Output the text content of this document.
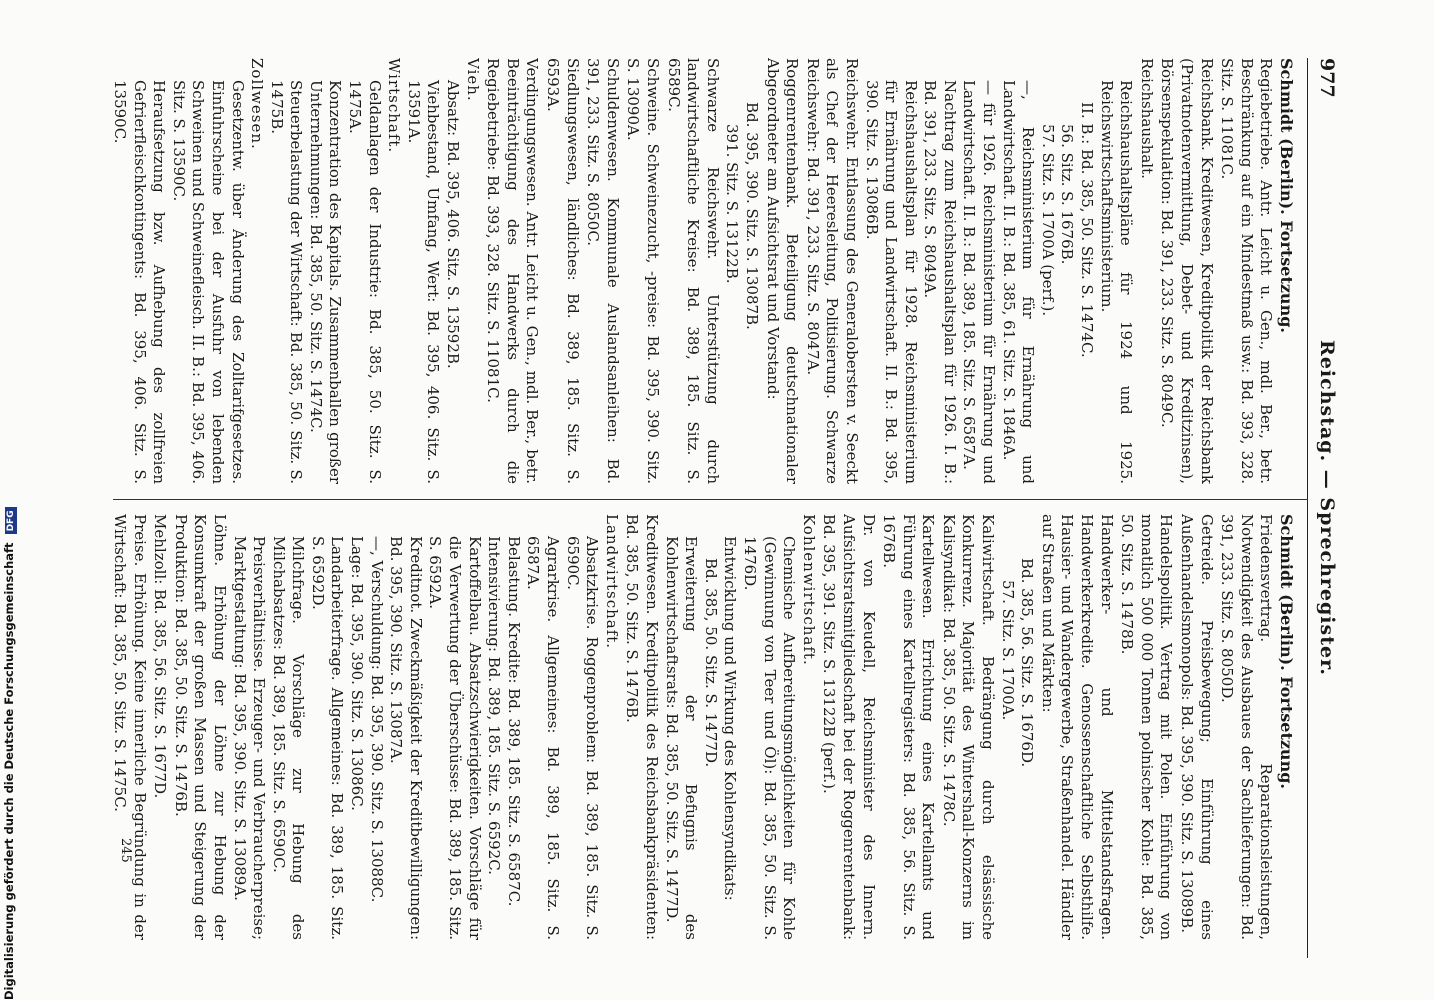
977
Reichstag. — Sprechregister.

Schmidt (Berlin). Fortsetzung.

Regiebetriebe. Antr. Leicht u. Gen., mdl. Ber., betr. Beschränkung auf ein Mindestmaß usw.: Bd. 393, 328. Sitz. S. 11081C.

Reichsbank. Kreditwesen, Kreditpolitik der Reichsbank (Privatnotenvermittlung, Debet- und Kreditzinsen), Börsenspekulation: Bd. 391, 233. Sitz. S. 8049C.

Reichshaushalt.

Reichshaushaltspläne für 1924 und 1925. Reichswirtschaftsministerium.

II. B.: Bd. 385, 50. Sitz. S. 1474C.

56. Sitz. S. 1676B.

57. Sitz. S. 1700A (perf.).

—, Reichsministerium für Ernährung und Landwirtschaft. II. B.: Bd. 385, 61. Sitz. S. 1846A.

— für 1926. Reichsministerium für Ernährung und Landwirtschaft. II. B.: Bd. 389, 185. Sitz. S. 6587A.

Nachtrag zum Reichshaushaltsplan für 1926. I. B.: Bd. 391, 233. Sitz. S. 8049A.

Reichshaushaltsplan für 1928. Reichsministerium für Ernährung und Landwirtschaft. II. B.: Bd. 395, 390. Sitz. S. 13086B.

Reichswehr. Entlassung des Generalobersten v. Seeckt als Chef der Heeresleitung, Politisierung. Schwarze Reichswehr: Bd. 391, 233. Sitz. S. 8047A.

Roggenrentenbank. Beteiligung deutschnationaler Abgeordneter am Aufsichtsrat und Vorstand:

Bd. 395, 390. Sitz. S. 13087B.

391. Sitz. S. 13122B.

Schwarze Reichswehr. Unterstützung durch landwirtschaftliche Kreise: Bd. 389, 185. Sitz. S. 6589C.

Schweine. Schweinezucht, -preise: Bd. 395, 390. Sitz. S. 13090A.

Schuldenwesen. Kommunale Auslandsanleihen: Bd. 391, 233. Sitz. S. 8050C.

Siedlungswesen, ländliches: Bd. 389, 185. Sitz. S. 6593A.

Verdingungswesen. Antr. Leicht u. Gen., mdl. Ber., betr. Beeinträchtigung des Handwerks durch die Regiebetriebe: Bd. 393, 328. Sitz. S. 11081C.

Vieh.

Absatz: Bd. 395, 406. Sitz. S. 13592B.

Viehbestand, Umfang, Wert: Bd. 395, 406. Sitz. S. 13591A.

Wirtschaft.

Geldanlagen der Industrie: Bd. 385, 50. Sitz. S. 1475A.

Konzentration des Kapitals. Zusammenballen großer Unternehmungen: Bd. 385, 50. Sitz. S. 1474C.

Steuerbelastung der Wirtschaft: Bd. 385, 50. Sitz. S. 1475B.

Zollwesen.

Gesetzentw. über Änderung des Zolltarifgesetzes. Einfuhrscheine bei der Ausfuhr von lebenden Schweinen und Schweinefleisch. II. B.: Bd. 395, 406. Sitz. S. 13590C.

Heraufsetzung bzw. Aufhebung des zollfreien Gefrierfleischkontingents: Bd. 395, 406. Sitz. S. 13590C.

Schmidt (Berlin). Fortsetzung.

Friedensvertrag. Reparationsleistungen, Notwendigkeit des Ausbaues der Sachlieferungen: Bd. 391, 233. Sitz. S. 8050D.

Getreide. Preisbewegung; Einführung eines Außenhandelsmonopols: Bd. 395, 390. Sitz. S. 13089B.

Handelspolitik. Vertrag mit Polen. Einführung von monatlich 500 000 Tonnen polnischer Kohle: Bd. 385, 50. Sitz. S. 1478B.

Handwerker- und Mittelstandsfragen. Handwerkerkredite. Genossenschaftliche Selbsthilfe. Hausier- und Wandergewerbe, Straßenhandel. Händler auf Straßen und Märkten:

Bd. 385, 56. Sitz. S. 1676D.

57. Sitz. S. 1700A.

Kaliwirtschaft. Bedrängung durch elsässische Konkurrenz. Majorität des Wintershall-Konzerns im Kalisyndikat: Bd. 385, 50. Sitz. S. 1478C.

Kartellwesen. Errichtung eines Kartellamts und Führung eines Kartellregisters: Bd. 385, 56. Sitz. S. 1676B.

Dr. von Keudell, Reichsminister des Innern. Aufsichtsratsmitgliedschaft bei der Roggenrentenbank: Bd. 395, 391. Sitz. S. 13122B (perf.).

Kohlenwirtschaft.

Chemische Aufbereitungsmöglichkeiten für Kohle (Gewinnung von Teer und Öl): Bd. 385, 50. Sitz. S. 1476D.

Entwicklung und Wirkung des Kohlensyndikats:

Bd. 385, 50. Sitz. S. 1477D.

Erweiterung der Befugnis des Kohlenwirtschaftsrats: Bd. 385, 50. Sitz. S. 1477D.

Kreditwesen. Kreditpolitik des Reichsbankpräsidenten: Bd. 385, 50. Sitz. S. 1476B.

Landwirtschaft.

Absatzkrise. Roggenproblem: Bd. 389, 185. Sitz. S. 6590C.

Agrarkrise. Allgemeines: Bd. 389, 185. Sitz. S. 6587A.

Belastung. Kredite: Bd. 389, 185. Sitz. S. 6587C.

Intensivierung: Bd. 389, 185. Sitz. S. 6592C.

Kartoffelbau. Absatzschwierigkeiten. Vorschläge für die Verwertung der Überschüsse: Bd. 389, 185. Sitz. S. 6592A.

Kreditnot. Zweckmäßigkeit der Kreditbewilligungen: Bd. 395, 390. Sitz. S. 13087A.

—, Verschuldung: Bd. 395, 390. Sitz. S. 13088C.

Lage: Bd. 395, 390. Sitz. S. 13086C.

Landarbeiterfrage. Allgemeines: Bd. 389, 185. Sitz. S. 6592D.

Milchfrage. Vorschläge zur Hebung des Milchabsatzes: Bd. 389, 185. Sitz. S. 6590C.

Preisverhältnisse. Erzeuger- und Verbraucherpreise; Marktgestaltung: Bd. 395, 390. Sitz. S. 13089A.

Löhne. Erhöhung der Löhne zur Hebung der Konsumkraft der großen Massen und Steigerung der Produktion: Bd. 385, 50. Sitz. S. 1476B.

Mehlzoll: Bd. 385, 56. Sitz. S. 1677D.

Preise. Erhöhung. Keine innerliche Begründung in der Wirtschaft: Bd. 385, 50. Sitz. S. 1475C.

245
Digitalisierung gefördert durch die Deutsche Forschungsgemeinschaft DFG
